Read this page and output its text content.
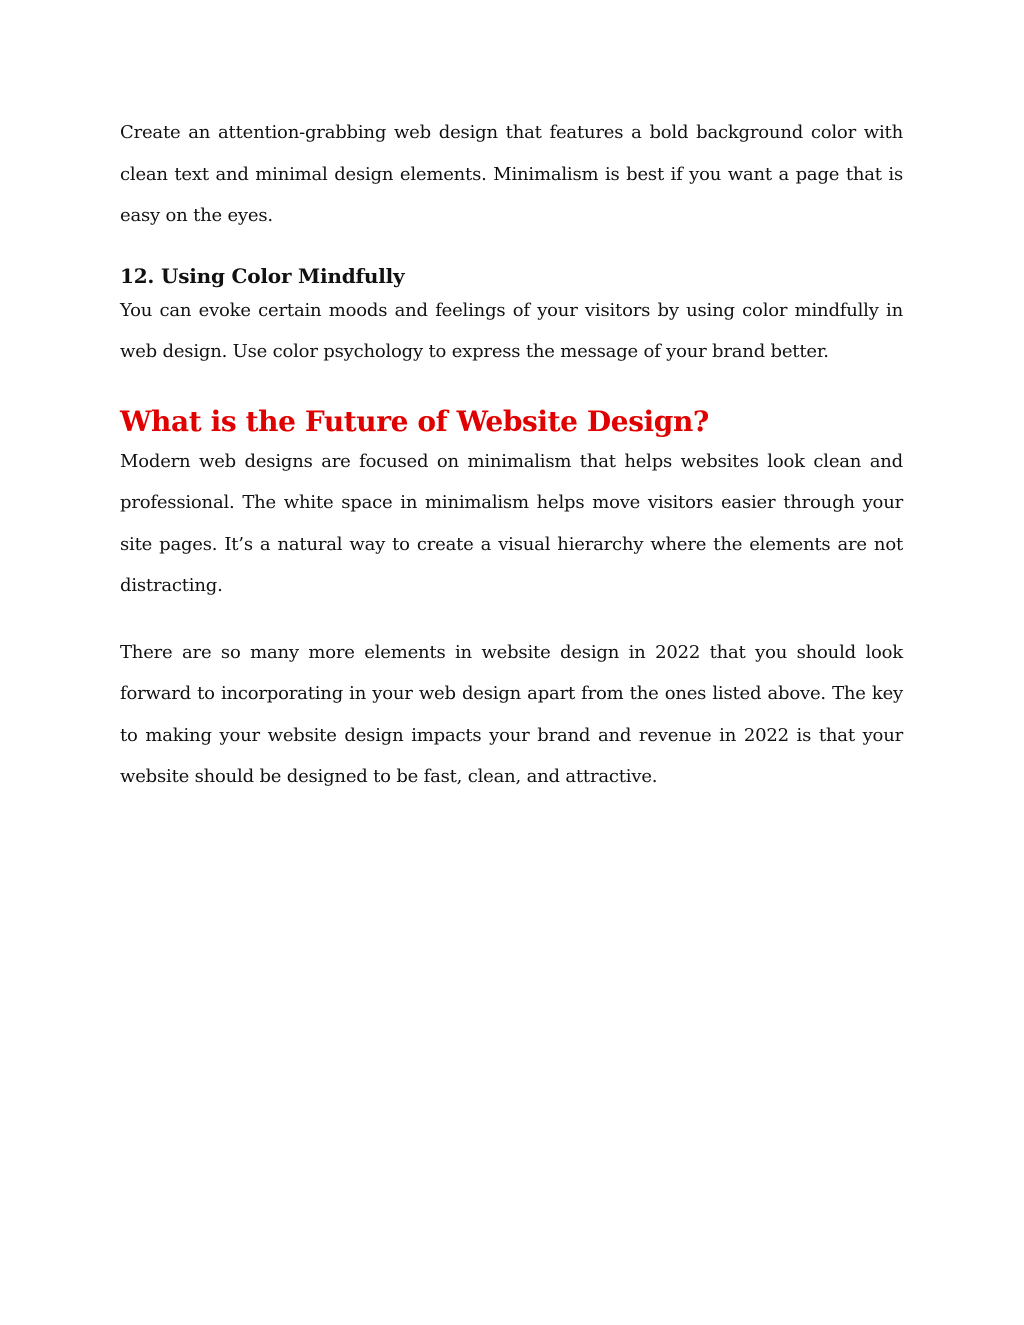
Create an attention-grabbing web design that features a bold background color with clean text and minimal design elements. Minimalism is best if you want a page that is easy on the eyes.

12. Using Color Mindfully

You can evoke certain moods and feelings of your visitors by using color mindfully in web design. Use color psychology to express the message of your brand better.

What is the Future of Website Design?

Modern web designs are focused on minimalism that helps websites look clean and professional. The white space in minimalism helps move visitors easier through your site pages. It’s a natural way to create a visual hierarchy where the elements are not distracting.

There are so many more elements in website design in 2022 that you should look forward to incorporating in your web design apart from the ones listed above. The key to making your website design impacts your brand and revenue in 2022 is that your website should be designed to be fast, clean, and attractive.
